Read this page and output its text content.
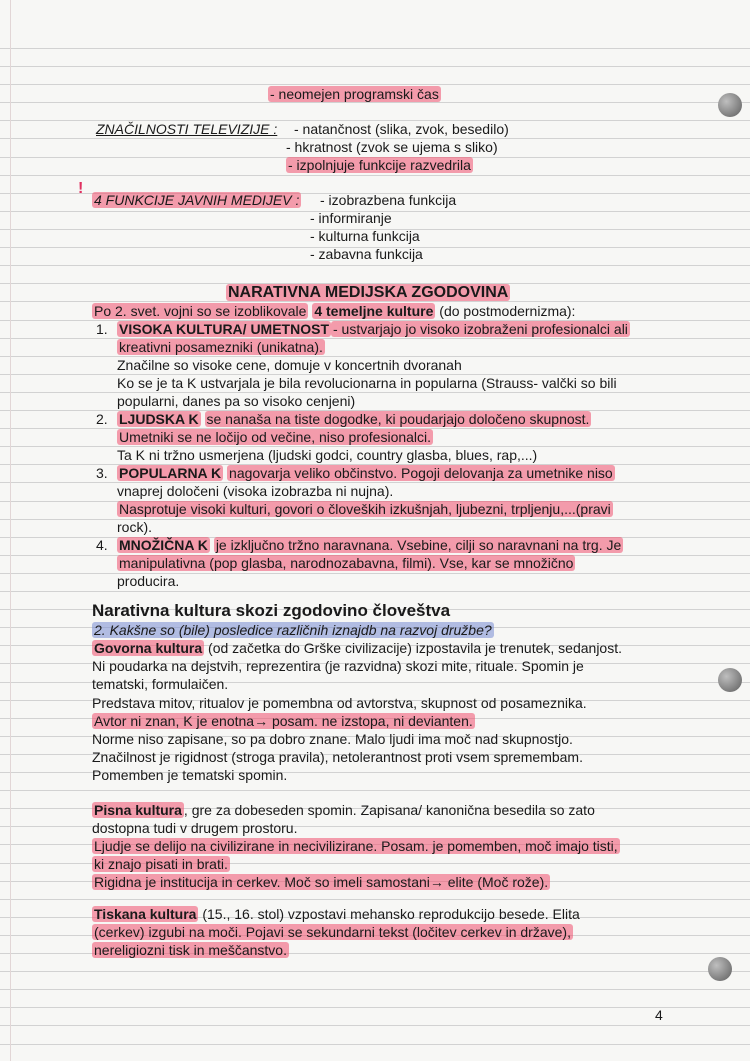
- neomejen programski čas
ZNAČILNOSTI TELEVIZIJE : - natančnost (slika, zvok, besedilo)
- hkratnost (zvok se ujema s sliko)
- izpolnjuje funkcije razvedrila
!
4 FUNKCIJE JAVNIH MEDIJEV : - izobrazbena funkcija
- informiranje
- kulturna funkcija
- zabavna funkcija
NARATIVNA MEDIJSKA ZGODOVINA
Po 2. svet. vojni so se izoblikovale 4 temeljne kulture (do postmodernizma):
1. VISOKA KULTURA/ UMETNOST - ustvarjajo jo visoko izobraženi profesionalci ali
kreativni posamezniki (unikatna).
Značilne so visoke cene, domuje v koncertnih dvoranah
Ko se je ta K ustvarjala je bila revolucionarna in popularna (Strauss- valčki so bili
popularni, danes pa so visoko cenjeni)
2. LJUDSKA K se nanaša na tiste dogodke, ki poudarjajo določeno skupnost.
Umetniki se ne ločijo od večine, niso profesionalci.
Ta K ni tržno usmerjena (ljudski godci, country glasba, blues, rap,...)
3. POPULARNA K nagovarja veliko občinstvo. Pogoji delovanja za umetnike niso
vnaprej določeni (visoka izobrazba ni nujna).
Nasprotuje visoki kulturi, govori o človeških izkušnjah, ljubezni, trpljenju,...(pravi
rock).
4. MNOŽIČNA K je izključno tržno naravnana. Vsebine, cilji so naravnani na trg. Je
manipulativna (pop glasba, narodnozabavna, filmi). Vse, kar se množično
producira.
Narativna kultura skozi zgodovino človeštva
2. Kakšne so (bile) posledice različnih iznajdb na razvoj družbe?
Govorna kultura (od začetka do Grške civilizacije) izpostavila je trenutek, sedanjost.
Ni poudarka na dejstvih, reprezentira (je razvidna) skozi mite, rituale. Spomin je
tematski, formulaičen.
Predstava mitov, ritualov je pomembna od avtorstva, skupnost od posameznika.
Avtor ni znan, K je enotna→ posam. ne izstopa, ni devianten.
Norme niso zapisane, so pa dobro znane. Malo ljudi ima moč nad skupnostjo.
Značilnost je rigidnost (stroga pravila), netolerantnost proti vsem spremembam.
Pomemben je tematski spomin.
Pisna kultura , gre za dobeseden spomin. Zapisana/ kanonična besedila so zato
dostopna tudi v drugem prostoru.
Ljudje se delijo na civilizirane in necivilizirane. Posam. je pomemben, moč imajo tisti,
ki znajo pisati in brati.
Rigidna je institucija in cerkev. Moč so imeli samostani→ elite (Moč rože).
Tiskana kultura (15., 16. stol) vzpostavi mehansko reprodukcijo besede. Elita
(cerkev) izgubi na moči. Pojavi se sekundarni tekst (ločitev cerkev in države),
nereligiozni tisk in meščanstvo.
4
